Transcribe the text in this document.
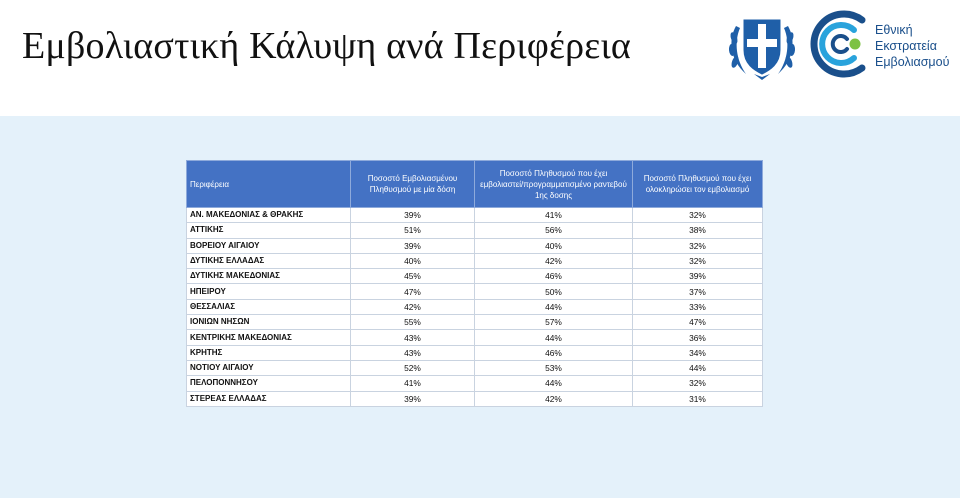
Εμβολιαστική Κάλυψη ανά Περιφέρεια	Εθνική
Εκστρατεία
Εμβολιασμού
Περιφέρεια	Ποσοστό Εμβολιασμένου Πληθυσμού με μία δόση	Ποσοστό Πληθυσμού που έχει εμβολιαστεί/προγραμματισμένο ραντεβού 1ης δοσης	Ποσοστό Πληθυσμού που έχει ολοκληρώσει τον εμβολιασμό
ΑΝ. ΜΑΚΕΔΟΝΙΑΣ & ΘΡΑΚΗΣ	39%	41%	32%
ΑΤΤΙΚΗΣ	51%	56%	38%
ΒΟΡΕΙΟΥ ΑΙΓΑΙΟΥ	39%	40%	32%
ΔΥΤΙΚΗΣ ΕΛΛΑΔΑΣ	40%	42%	32%
ΔΥΤΙΚΗΣ ΜΑΚΕΔΟΝΙΑΣ	45%	46%	39%
ΗΠΕΙΡΟΥ	47%	50%	37%
ΘΕΣΣΑΛΙΑΣ	42%	44%	33%
ΙΟΝΙΩΝ ΝΗΣΩΝ	55%	57%	47%
ΚΕΝΤΡΙΚΗΣ ΜΑΚΕΔΟΝΙΑΣ	43%	44%	36%
ΚΡΗΤΗΣ	43%	46%	34%
ΝΟΤΙΟΥ ΑΙΓΑΙΟΥ	52%	53%	44%
ΠΕΛΟΠΟΝΝΗΣΟΥ	41%	44%	32%
ΣΤΕΡΕΑΣ ΕΛΛΑΔΑΣ	39%	42%	31%
